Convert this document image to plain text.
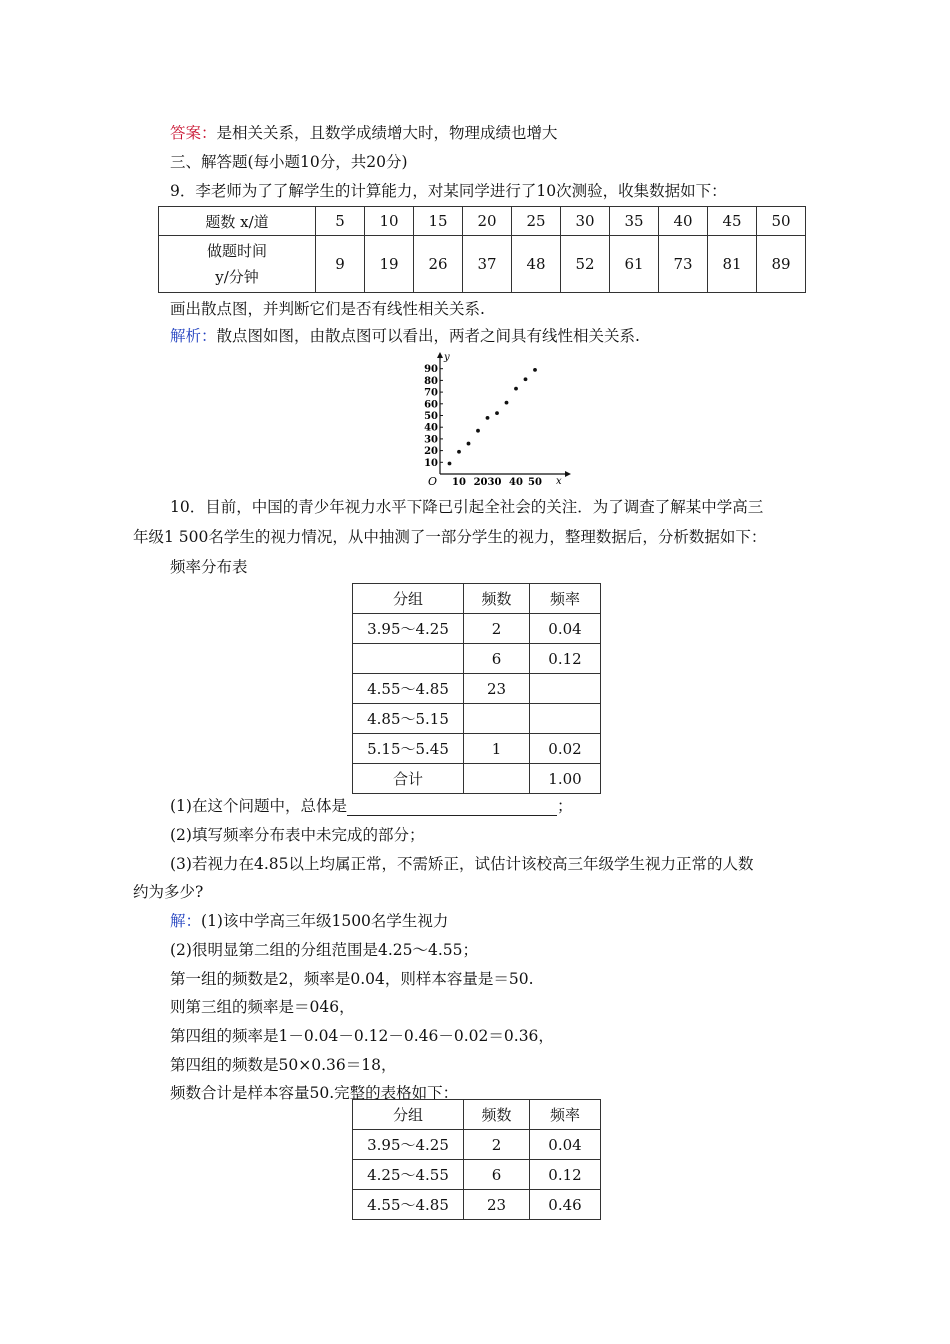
答案：是相关关系，且数学成绩增大时，物理成绩也增大
三、解答题(每小题10分，共20分)
9．李老师为了了解学生的计算能力，对某同学进行了10次测验，收集数据如下：
题数 x/道	5	10	15	20	25	30	35	40	45	50

做题时间
y/分钟	9	19	26	37	48	52	61	73	81	89
画出散点图，并判断它们是否有线性相关关系.
解析：散点图如图，由散点图可以看出，两者之间具有线性相关关系.
y
x
O
10
20
30
40
50
60
70
80
90
10 2030 40 50
10．目前，中国的青少年视力水平下降已引起全社会的关注．为了调查了解某中学高三
年级1 500名学生的视力情况，从中抽测了一部分学生的视力，整理数据后，分析数据如下：
频率分布表
分组	频数	频率
3.95～4.25	2	0.04
	6	0.12
4.55～4.85	23	
4.85～5.15		
5.15～5.45	1	0.02
合计		1.00
(1)在这个问题中，总体是	；
(2)填写频率分布表中未完成的部分；
(3)若视力在4.85以上均属正常，不需矫正，试估计该校高三年级学生视力正常的人数
约为多少?
解：(1)该中学高三年级1500名学生视力
(2)很明显第二组的分组范围是4.25～4.55；
第一组的频数是2，频率是0.04，则样本容量是＝50.
则第三组的频率是＝046，
第四组的频率是1－0.04－0.12－0.46－0.02＝0.36，
第四组的频数是50×0.36＝18，
频数合计是样本容量50.完整的表格如下：
分组	频数	频率
3.95～4.25	2	0.04
4.25～4.55	6	0.12
4.55～4.85	23	0.46
